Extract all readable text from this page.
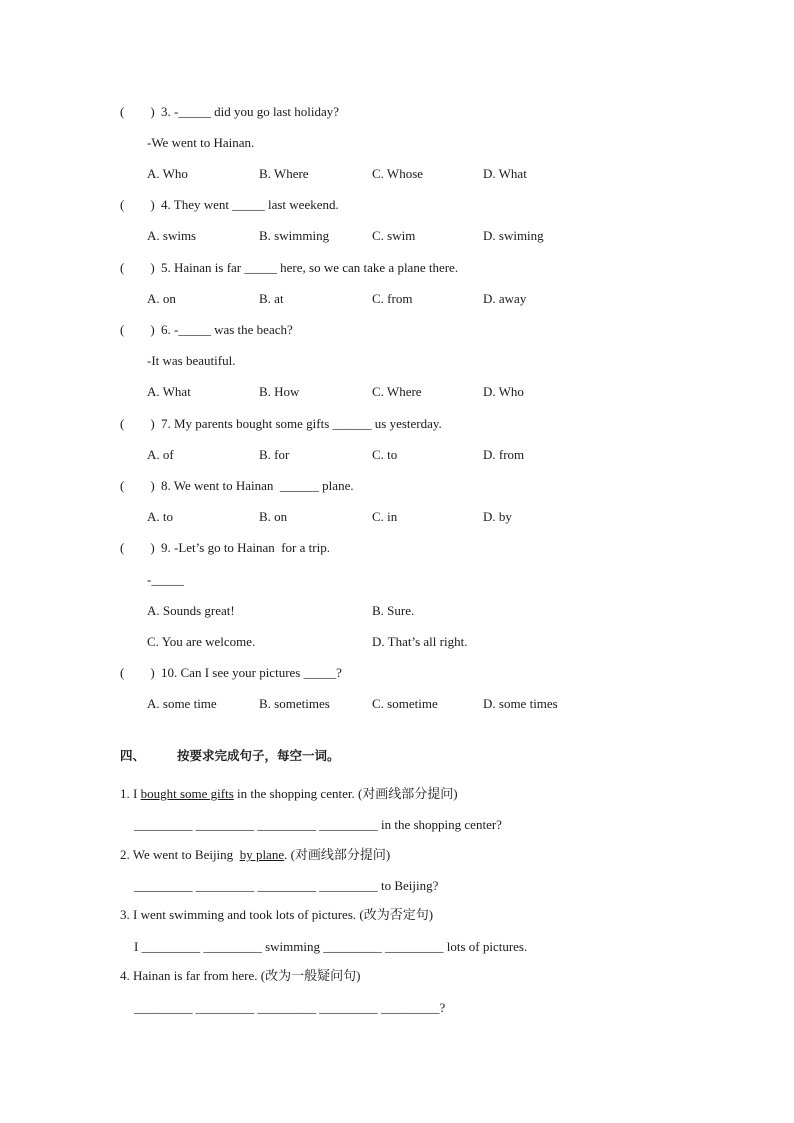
(        ) 3. -_____ did you go last holiday?
-We went to Hainan.
A. Who	B. Where	C. Whose	D. What
(        ) 4. They went _____ last weekend.
A. swims	B. swimming	C. swim	D. swiming
(        ) 5. Hainan is far _____ here, so we can take a plane there.
A. on	B. at	C. from	D. away
(        ) 6. -_____ was the beach?
-It was beautiful.
A. What	B. How	C. Where	D. Who
(        ) 7. My parents bought some gifts ______ us yesterday.
A. of	B. for	C. to	D. from
(        ) 8. We went to Hainan  ______ plane.
A. to	B. on	C. in	D. by
(        ) 9. -Let’s go to Hainan  for a trip.
-_____
A. Sounds great!	B. Sure.
C. You are welcome.	D. That’s all right.
(        ) 10. Can I see your pictures _____?
A. some time	B. sometimes	C. sometime	D. some times
四、	按要求完成句子，每空一词。
1. I bought some gifts in the shopping center. (对画线部分提问)
_________ _________ _________ _________ in the shopping center?
2. We went to Beijing  by plane. (对画线部分提问)
_________ _________ _________ _________ to Beijing?
3. I went swimming and took lots of pictures. (改为否定句)
I _________ _________ swimming _________ _________ lots of pictures.
4. Hainan is far from here. (改为一般疑问句)
_________ _________ _________ _________ _________?
